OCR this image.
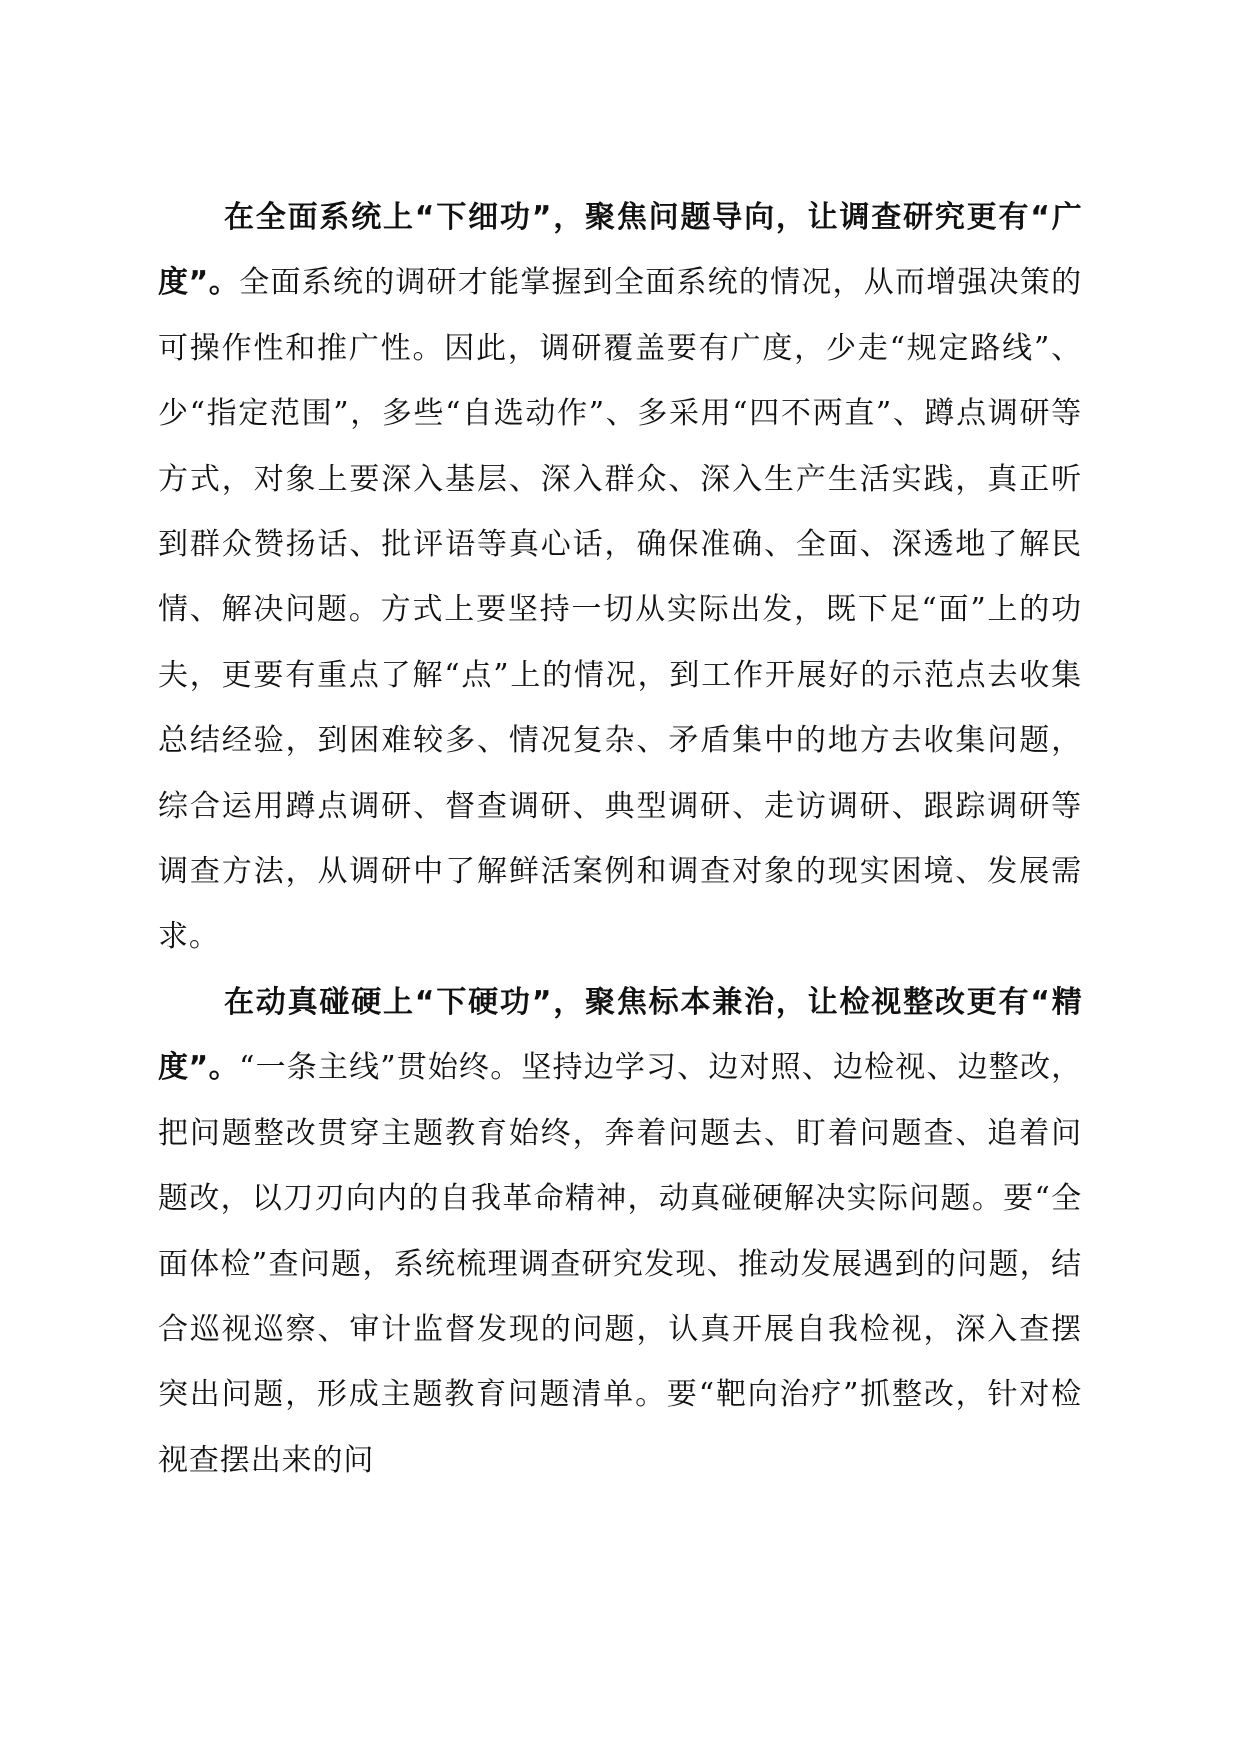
在全面系统上“下细功”，聚焦问题导向，让调查研究更有“广度”。全面系统的调研才能掌握到全面系统的情况，从而增强决策的可操作性和推广性。因此，调研覆盖要有广度，少走“规定路线”、少“指定范围”，多些“自选动作”、多采用“四不两直”、蹲点调研等方式，对象上要深入基层、深入群众、深入生产生活实践，真正听到群众赞扬话、批评语等真心话，确保准确、全面、深透地了解民情、解决问题。方式上要坚持一切从实际出发，既下足“面”上的功夫，更要有重点了解“点”上的情况，到工作开展好的示范点去收集总结经验，到困难较多、情况复杂、矛盾集中的地方去收集问题，综合运用蹲点调研、督查调研、典型调研、走访调研、跟踪调研等调查方法，从调研中了解鲜活案例和调查对象的现实困境、发展需求。

在动真碰硬上“下硬功”，聚焦标本兼治，让检视整改更有“精度”。“一条主线”贯始终。坚持边学习、边对照、边检视、边整改，把问题整改贯穿主题教育始终，奔着问题去、盯着问题查、追着问题改，以刀刃向内的自我革命精神，动真碰硬解决实际问题。要“全面体检”查问题，系统梳理调查研究发现、推动发展遇到的问题，结合巡视巡察、审计监督发现的问题，认真开展自我检视，深入查摆突出问题，形成主题教育问题清单。要“靶向治疗”抓整改，针对检视查摆出来的问
